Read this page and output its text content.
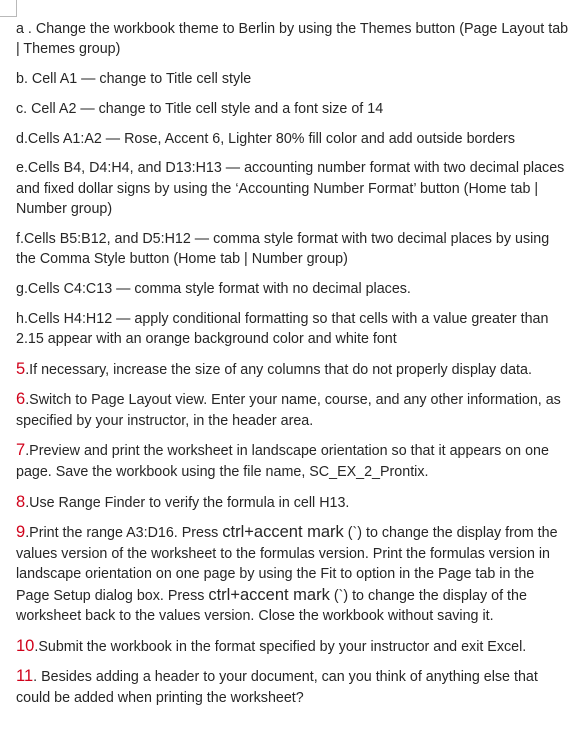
a . Change the workbook theme to Berlin by using the Themes button (Page Layout tab | Themes group)

b. Cell A1 — change to Title cell style

c. Cell A2 — change to Title cell style and a font size of 14

d.Cells A1:A2 — Rose, Accent 6, Lighter 80% fill color and add outside borders

e.Cells B4, D4:H4, and D13:H13 — accounting number format with two decimal places and fixed dollar signs by using the ‘Accounting Number Format’ button (Home tab | Number group)

f.Cells B5:B12, and D5:H12 — comma style format with two decimal places by using the Comma Style button (Home tab | Number group)

g.Cells C4:C13 — comma style format with no decimal places.

h.Cells H4:H12 — apply conditional formatting so that cells with a value greater than 2.15 appear with an orange background color and white font

5.If necessary, increase the size of any columns that do not properly display data.

6.Switch to Page Layout view. Enter your name, course, and any other information, as specified by your instructor, in the header area.

7.Preview and print the worksheet in landscape orientation so that it appears on one page. Save the workbook using the file name, SC_EX_2_Prontix.

8.Use Range Finder to verify the formula in cell H13.

9.Print the range A3:D16. Press ctrl+accent mark (`) to change the display from the values version of the worksheet to the formulas version. Print the formulas version in landscape orientation on one page by using the Fit to option in the Page tab in the Page Setup dialog box. Press ctrl+accent mark (`) to change the display of the worksheet back to the values version. Close the workbook without saving it.

10.Submit the workbook in the format specified by your instructor and exit Excel.

11. Besides adding a header to your document, can you think of anything else that could be added when printing the worksheet?
